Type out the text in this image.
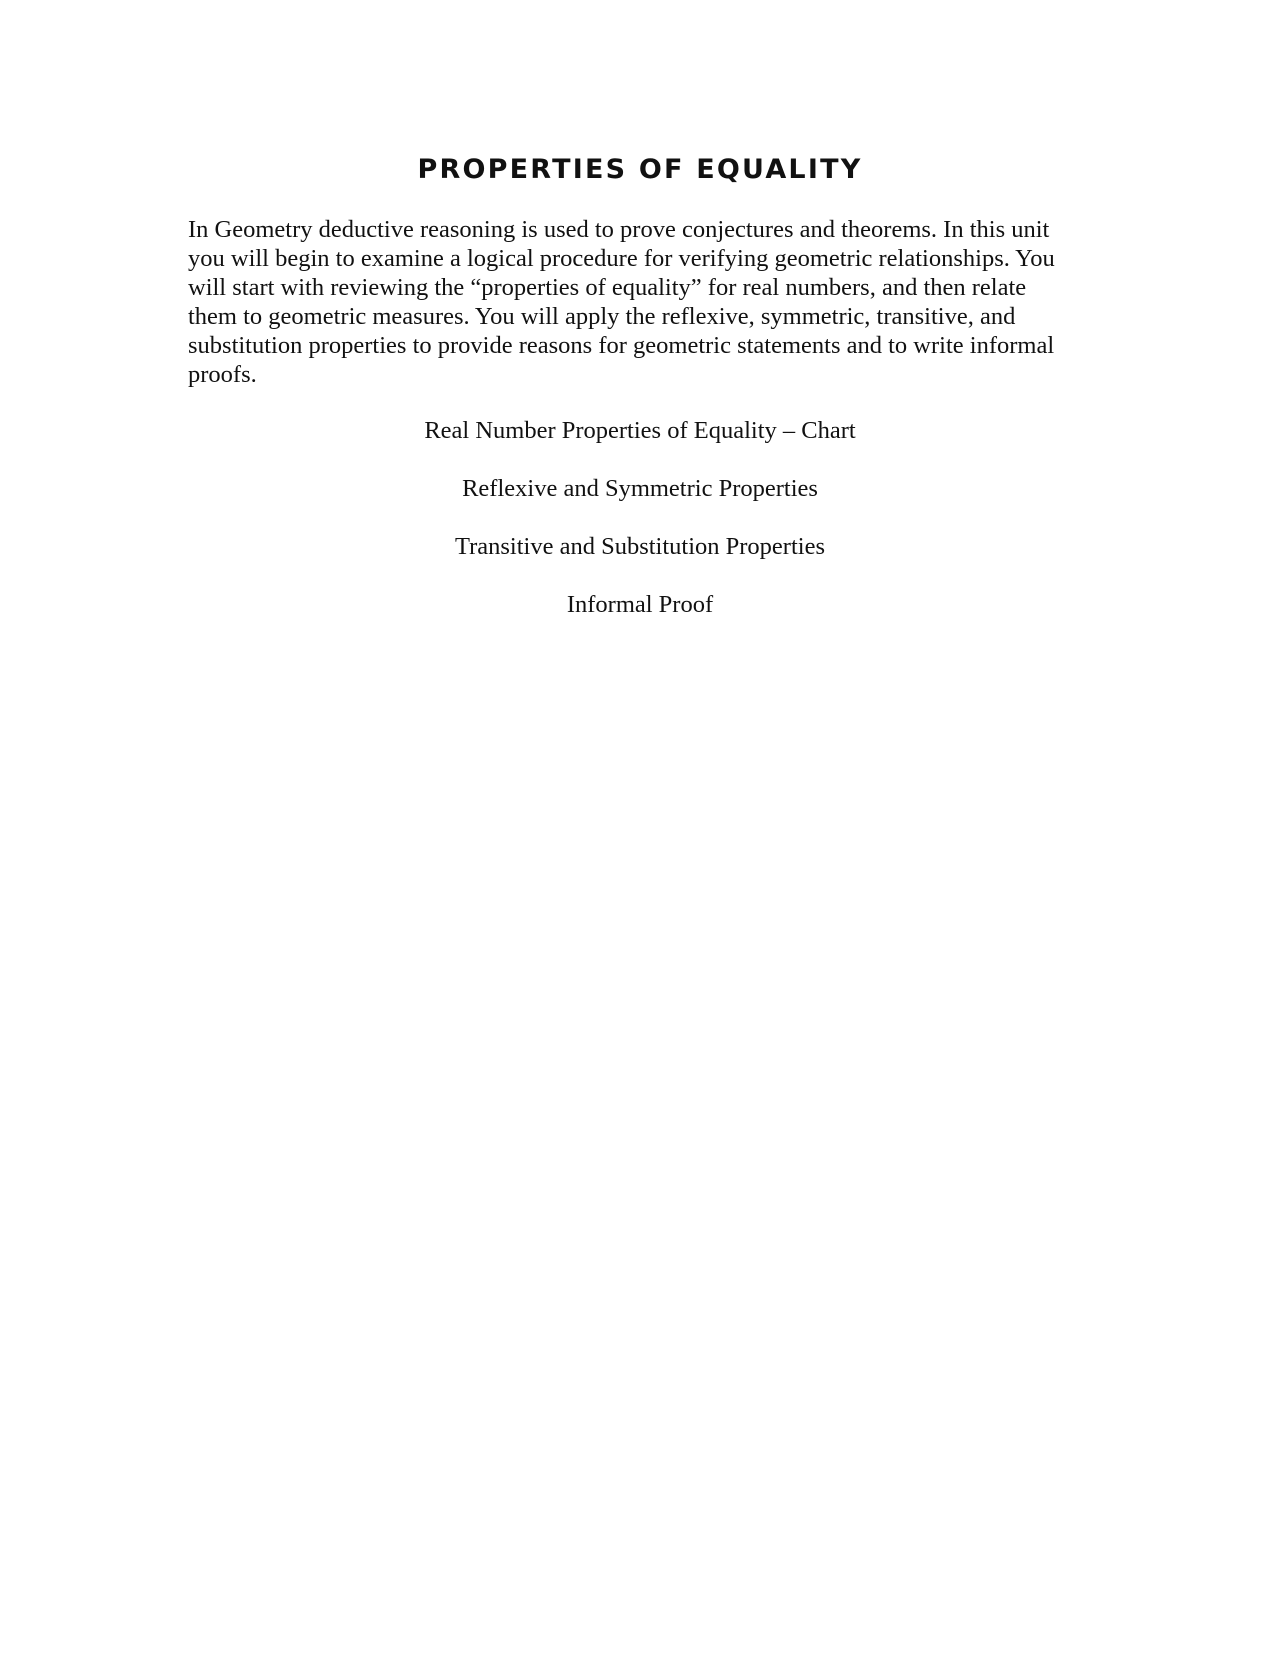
PROPERTIES OF EQUALITY

In Geometry deductive reasoning is used to prove conjectures and theorems. In this unit
you will begin to examine a logical procedure for verifying geometric relationships. You
will start with reviewing the “properties of equality” for real numbers, and then relate
them to geometric measures. You will apply the reflexive, symmetric, transitive, and
substitution properties to provide reasons for geometric statements and to write informal
proofs.

Real Number Properties of Equality – Chart
Reflexive and Symmetric Properties
Transitive and Substitution Properties
Informal Proof
